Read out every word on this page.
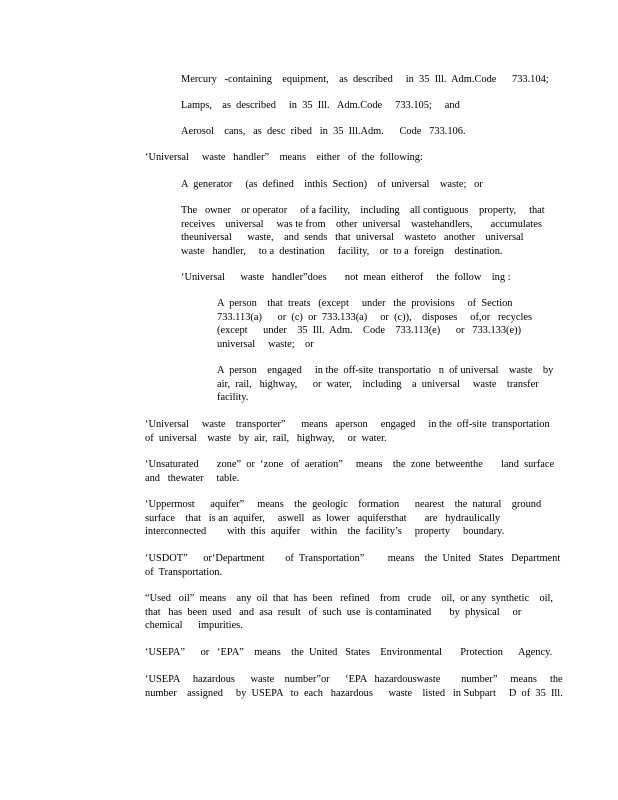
Mercury   -containing    equipment,    as  described     in  35  Ill.  Adm.Code      733.104;

Lamps,    as  described     in  35  Ill.   Adm.Code     733.105;     and

Aerosol    cans,   as  desc  ribed   in  35  Ill.Adm.      Code   733.106.

‘Universal     waste   handler”    means    either   of  the  following:

A  generator     (as  defined    inthis  Section)    of  universal    waste;   or

The   owner    or operator     of a facility,    including    all contiguous    property,     that
receives    universal     was te from    other  universal    wastehandlers,       accumulates
theuniversal      waste,    and  sends   that  universal    wasteto   another    universal
waste   handler,     to a  destination     facility,    or  to a  foreign    destination.

‘Universal      waste   handler”does       not  mean  eitherof     the  follow    ing :

A  person    that  treats   (except     under   the  provisions     of  Section
733.113(a)      or  (c)  or  733.133(a)     or  (c)),    disposes     of,or   recycles
(except      under    35  Ill.  Adm.    Code    733.113(e)      or   733.133(e))
universal     waste;    or

A  person    engaged     in the  off-site  transportatio   n  of universal    waste    by
air,  rail,   highway,      or  water,    including    a  universal     waste    transfer
facility.

‘Universal     waste    transporter”      means   aperson     engaged     in the  off-site  transportation
of  universal    waste   by  air,  rail,   highway,     or  water.

‘Unsaturated       zone”  or  ‘zone   of  aeration”     means    the  zone  betweenthe       land  surface
and   thewater     table.

‘Uppermost      aquifer”     means    the  geologic    formation      nearest    the  natural    ground
surface    that   is an  aquifer,     aswell   as  lower   aquifersthat       are   hydraulically
interconnected        with  this  aquifer    within    the  facility’s     property     boundary.

‘USDOT”      or‘Department        of  Transportation”         means    the  United   States   Department
of  Transportation.

“Used   oil”  means    any  oil  that  has  been   refined    from   crude    oil,  or any  synthetic    oil,
that   has  been  used   and  asa  result   of  such  use  is contaminated       by  physical     or
chemical      impurities.

‘USEPA”      or   ‘EPA”    means    the  United   States    Environmental       Protection      Agency.

‘USEPA     hazardous      waste    number”or      ‘EPA   hazardouswaste        number”     means     the
number    assigned     by  USEPA   to  each   hazardous      waste    listed   in Subpart     D  of  35  Ill.
